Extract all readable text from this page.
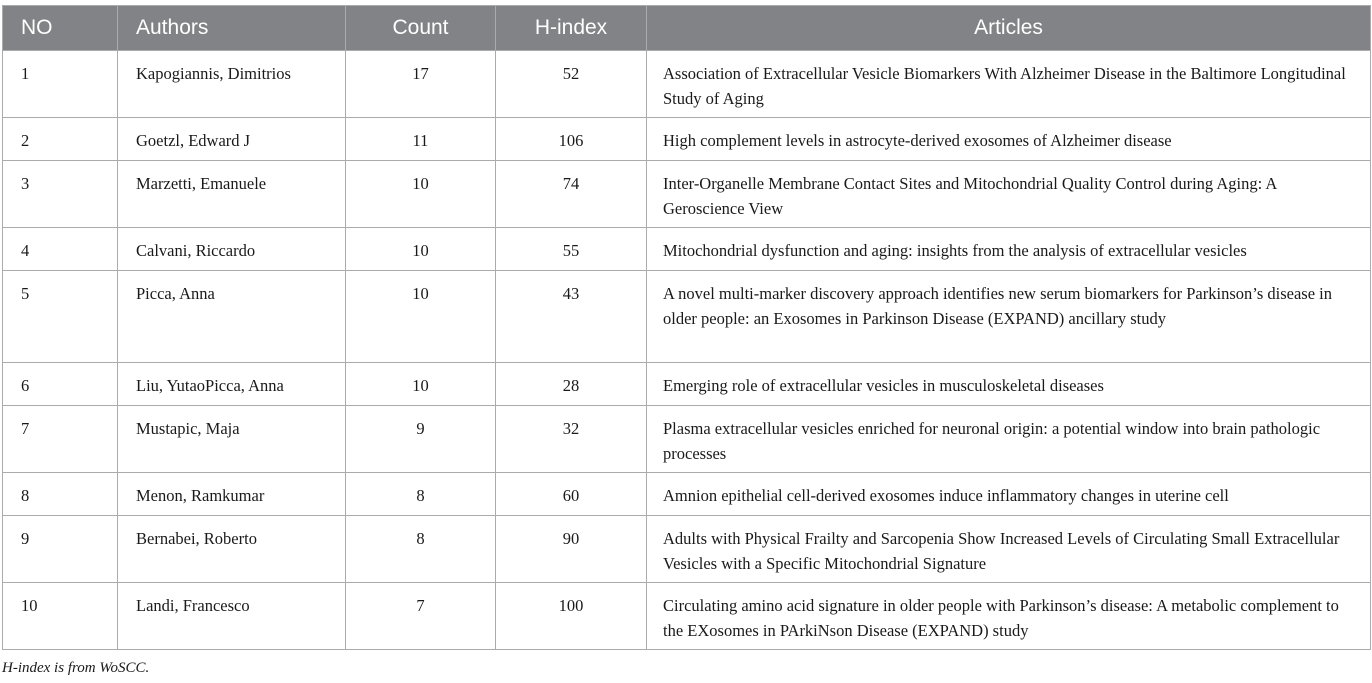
NO	Authors	Count	H-index	Articles
1	Kapogiannis, Dimitrios	17	52	Association of Extracellular Vesicle Biomarkers With Alzheimer Disease in the Baltimore Longitudinal Study of Aging
2	Goetzl, Edward J	11	106	High complement levels in astrocyte-derived exosomes of Alzheimer disease
3	Marzetti, Emanuele	10	74	Inter-Organelle Membrane Contact Sites and Mitochondrial Quality Control during Aging: A Geroscience View
4	Calvani, Riccardo	10	55	Mitochondrial dysfunction and aging: insights from the analysis of extracellular vesicles
5	Picca, Anna	10	43	A novel multi-marker discovery approach identifies new serum biomarkers for Parkinson’s disease in older people: an Exosomes in Parkinson Disease (EXPAND) ancillary study
6	Liu, YutaoPicca, Anna	10	28	Emerging role of extracellular vesicles in musculoskeletal diseases
7	Mustapic, Maja	9	32	Plasma extracellular vesicles enriched for neuronal origin: a potential window into brain pathologic processes
8	Menon, Ramkumar	8	60	Amnion epithelial cell-derived exosomes induce inflammatory changes in uterine cell
9	Bernabei, Roberto	8	90	Adults with Physical Frailty and Sarcopenia Show Increased Levels of Circulating Small Extracellular Vesicles with a Specific Mitochondrial Signature
10	Landi, Francesco	7	100	Circulating amino acid signature in older people with Parkinson’s disease: A metabolic complement to the EXosomes in PArkiNson Disease (EXPAND) study
H-index is from WoSCC.
